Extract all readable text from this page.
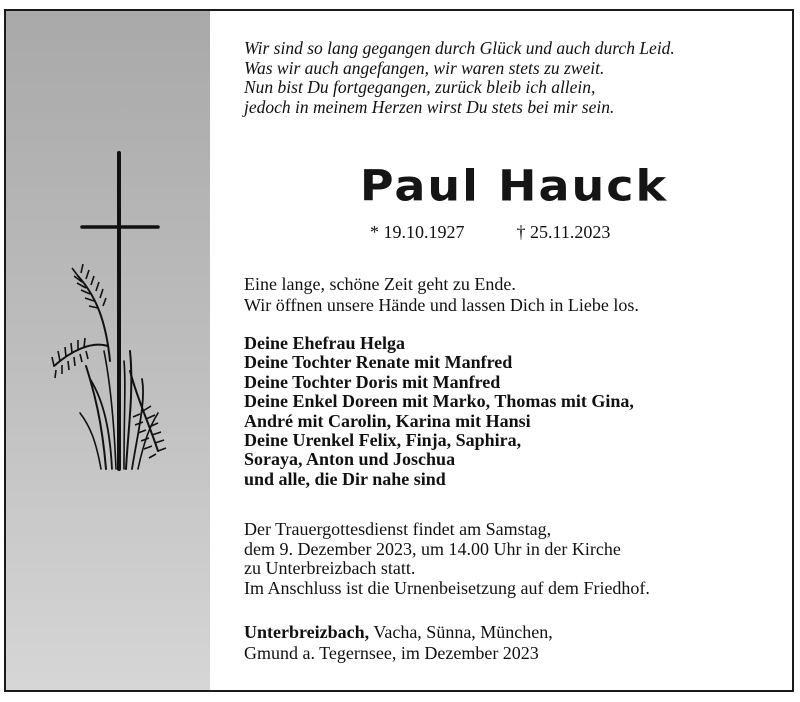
Wir sind so lang gegangen durch Glück und auch durch Leid.
Was wir auch angefangen, wir waren stets zu zweit.
Nun bist Du fortgegangen, zurück bleib ich allein,
jedoch in meinem Herzen wirst Du stets bei mir sein.
Paul Hauck
* 19.10.1927	† 25.11.2023
Eine lange, schöne Zeit geht zu Ende.
Wir öffnen unsere Hände und lassen Dich in Liebe los.
Deine Ehefrau Helga
Deine Tochter Renate mit Manfred
Deine Tochter Doris mit Manfred
Deine Enkel Doreen mit Marko, Thomas mit Gina,
André mit Carolin, Karina mit Hansi
Deine Urenkel Felix, Finja, Saphira,
Soraya, Anton und Joschua
und alle, die Dir nahe sind
Der Trauergottesdienst findet am Samstag,
dem 9. Dezember 2023, um 14.00 Uhr in der Kirche
zu Unterbreizbach statt.
Im Anschluss ist die Urnenbeisetzung auf dem Friedhof.
Unterbreizbach, Vacha, Sünna, München,
Gmund a. Tegernsee, im Dezember 2023
